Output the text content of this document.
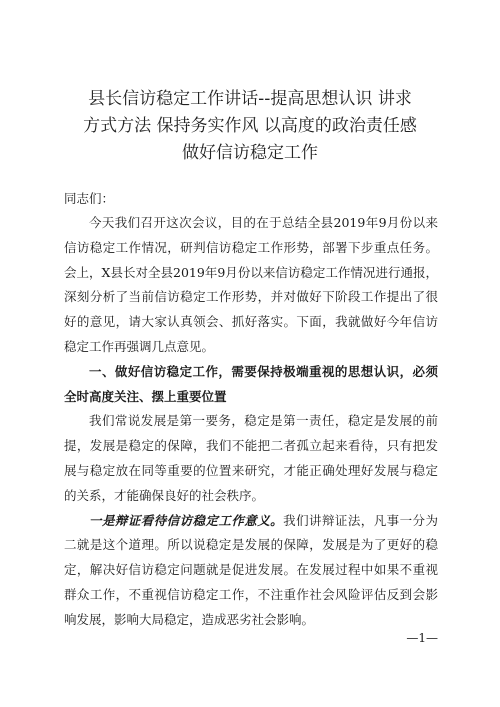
县长信访稳定工作讲话--提高思想认识 讲求
方式方法 保持务实作风 以高度的政治责任感
做好信访稳定工作
同志们：

今天我们召开这次会议，目的在于总结全县2019年9月份以来信访稳定工作情况，研判信访稳定工作形势，部署下步重点任务。会上，X县长对全县2019年9月份以来信访稳定工作情况进行通报，深刻分析了当前信访稳定工作形势，并对做好下阶段工作提出了很好的意见，请大家认真领会、抓好落实。下面，我就做好今年信访稳定工作再强调几点意见。

一、做好信访稳定工作，需要保持极端重视的思想认识，必须全时高度关注、摆上重要位置

我们常说发展是第一要务，稳定是第一责任，稳定是发展的前提，发展是稳定的保障，我们不能把二者孤立起来看待，只有把发展与稳定放在同等重要的位置来研究，才能正确处理好发展与稳定的关系，才能确保良好的社会秩序。

一是辩证看待信访稳定工作意义。我们讲辩证法，凡事一分为二就是这个道理。所以说稳定是发展的保障，发展是为了更好的稳定，解决好信访稳定问题就是促进发展。在发展过程中如果不重视群众工作，不重视信访稳定工作，不注重作社会风险评估反到会影响发展，影响大局稳定，造成恶劣社会影响。

—1—
